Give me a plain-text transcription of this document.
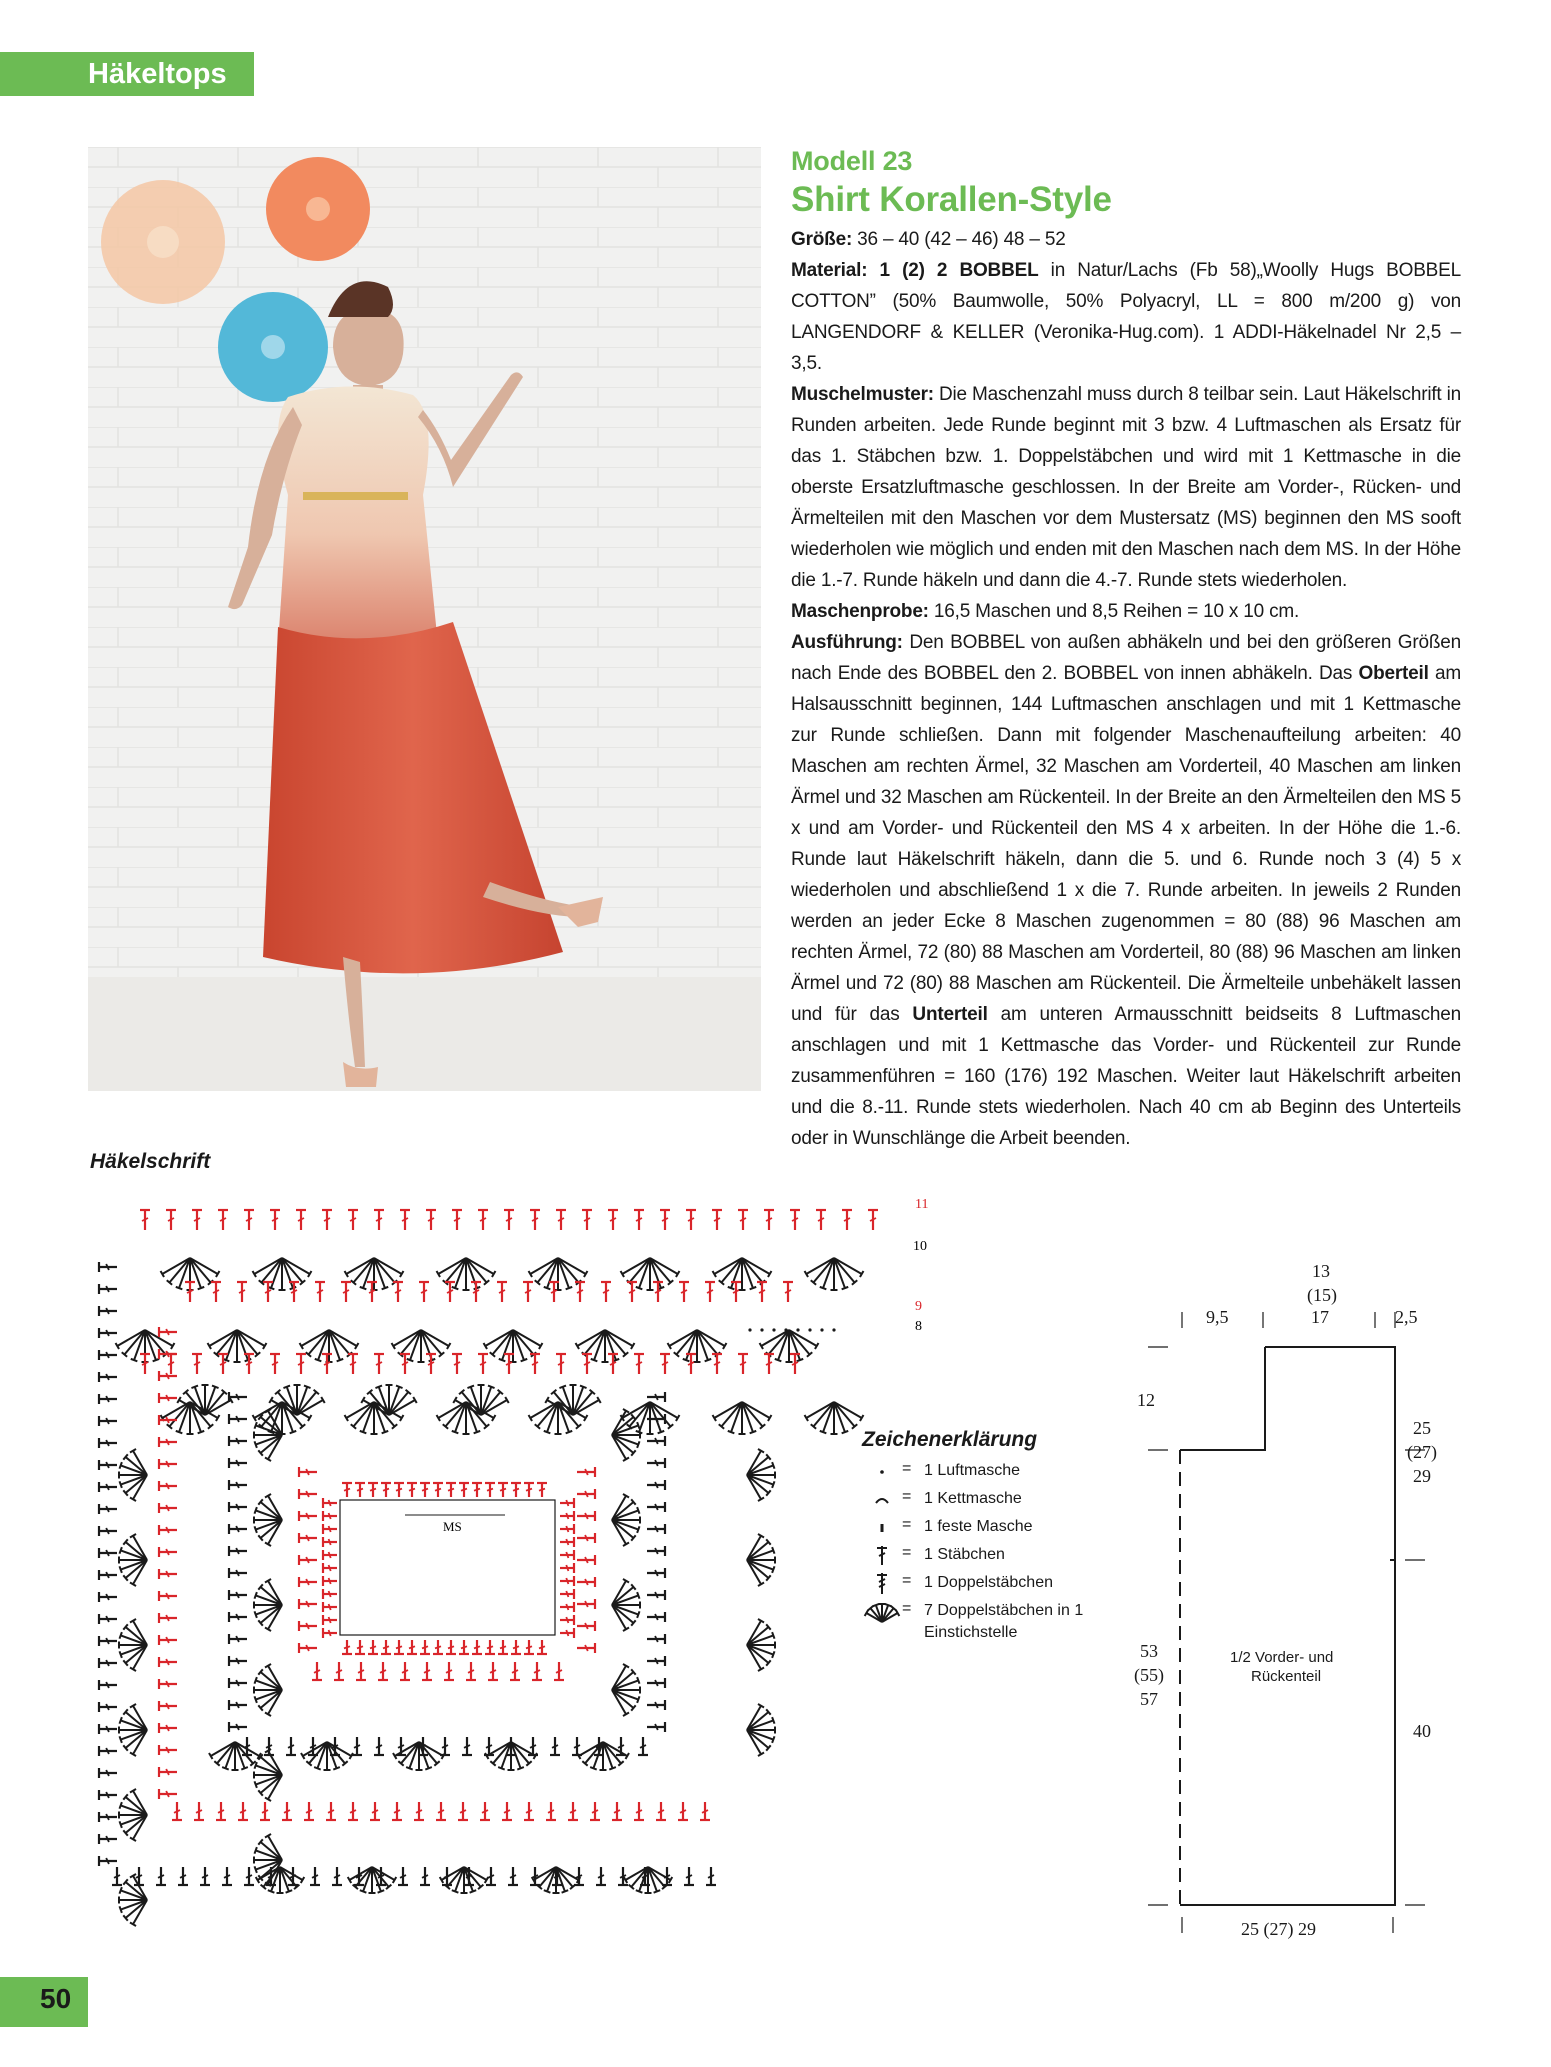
Häkeltops
Modell 23
Shirt Korallen-Style

Größe: 36 – 40 (42 – 46) 48 – 52

Material: 1 (2) 2 BOBBEL in Natur/Lachs (Fb 58)„Woolly Hugs BOBBEL COTTON” (50% Baumwolle, 50% Polyacryl, LL = 800 m/200 g) von LANGENDORF & KELLER (Veronika-Hug.com). 1 ADDI-Häkelnadel Nr 2,5 – 3,5.

Muschelmuster: Die Maschenzahl muss durch 8 teilbar sein. Laut Häkelschrift in Runden arbeiten. Jede Runde beginnt mit 3 bzw. 4 Luftmaschen als Ersatz für das 1. Stäbchen bzw. 1. Doppelstäbchen und wird mit 1 Kettmasche in die oberste Ersatzluftmasche geschlossen. In der Breite am Vorder-, Rücken- und Ärmelteilen mit den Maschen vor dem Mustersatz (MS) beginnen den MS sooft wiederholen wie möglich und enden mit den Maschen nach dem MS. In der Höhe die 1.-7. Runde häkeln und dann die 4.-7. Runde stets wiederholen.

Maschenprobe: 16,5 Maschen und 8,5 Reihen = 10 x 10 cm.

Ausführung: Den BOBBEL von außen abhäkeln und bei den größeren Größen nach Ende des BOBBEL den 2. BOBBEL von innen abhäkeln. Das Oberteil am Halsausschnitt beginnen, 144 Luftmaschen anschlagen und mit 1 Kettmasche zur Runde schließen. Dann mit folgender Maschenaufteilung arbeiten: 40 Maschen am rechten Ärmel, 32 Maschen am Vorderteil, 40 Maschen am linken Ärmel und 32 Maschen am Rückenteil. In der Breite an den Ärmelteilen den MS 5 x und am Vorder- und Rückenteil den MS 4 x arbeiten. In der Höhe die 1.-6. Runde laut Häkelschrift häkeln, dann die 5. und 6. Runde noch 3 (4) 5 x wiederholen und abschließend 1 x die 7. Runde arbeiten. In jeweils 2 Runden werden an jeder Ecke 8 Maschen zugenommen = 80 (88) 96 Maschen am rechten Ärmel, 72 (80) 88 Maschen am Vorderteil, 80 (88) 96 Maschen am linken Ärmel und 72 (80) 88 Maschen am Rückenteil. Die Ärmelteile unbehäkelt lassen und für das Unterteil am unteren Armausschnitt beidseits 8 Luftmaschen anschlagen und mit 1 Kettmasche das Vorder- und Rückenteil zur Runde zusammenführen = 160 (176) 192 Maschen. Weiter laut Häkelschrift arbeiten und die 8.-11. Runde stets wiederholen. Nach 40 cm ab Beginn des Unterteils oder in Wunschlänge die Arbeit beenden.

Häkelschrift
MS
11
10
9
8
Zeichenerklärung
= 1 Luftmasche
= 1 Kettmasche
= 1 feste Masche
= 1 Stäbchen
= 1 Doppelstäbchen
= 7 Doppelstäbchen in 1 Einstichstelle
13
(15)
17
9,5	2,5
12
25
(27)
29
53
(55)
57
40
25 (27) 29
1/2 Vorder- und
Rückenteil
50
